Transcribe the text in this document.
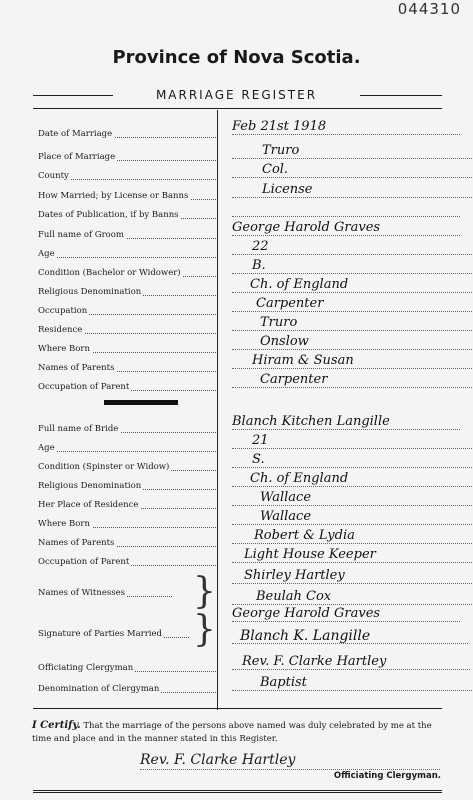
044310
Province of Nova Scotia.
MARRIAGE REGISTER
Date of Marriage	Feb 21st 1918
Place of Marriage	Truro
County	Col.
How Married; by License or Banns	License
Dates of Publication, if by Banns
Full name of Groom	George Harold Graves
Age	22
Condition (Bachelor or Widower)	B.
Religious Denomination	Ch. of England
Occupation	Carpenter
Residence	Truro
Where Born	Onslow
Names of Parents	Hiram & Susan
Occupation of Parent	Carpenter
Full name of Bride	Blanch Kitchen Langille
Age	21
Condition (Spinster or Widow)	S.
Religious Denomination	Ch. of England
Her Place of Residence	Wallace
Where Born	Wallace
Names of Parents	Robert & Lydia
Occupation of Parent	Light House Keeper
Names of Witnesses	}	Shirley Hartley
Beulah Cox
Signature of Parties Married } George Harold Graves
Blanch K. Langille
Officiating Clergyman	Rev. F. Clarke Hartley
Denomination of Clergyman	Baptist
I Certify. That the marriage of the persons above named was duly celebrated by me at the time and place and in the manner stated in this Register.
Rev. F. Clarke Hartley
Officiating Clergyman.
